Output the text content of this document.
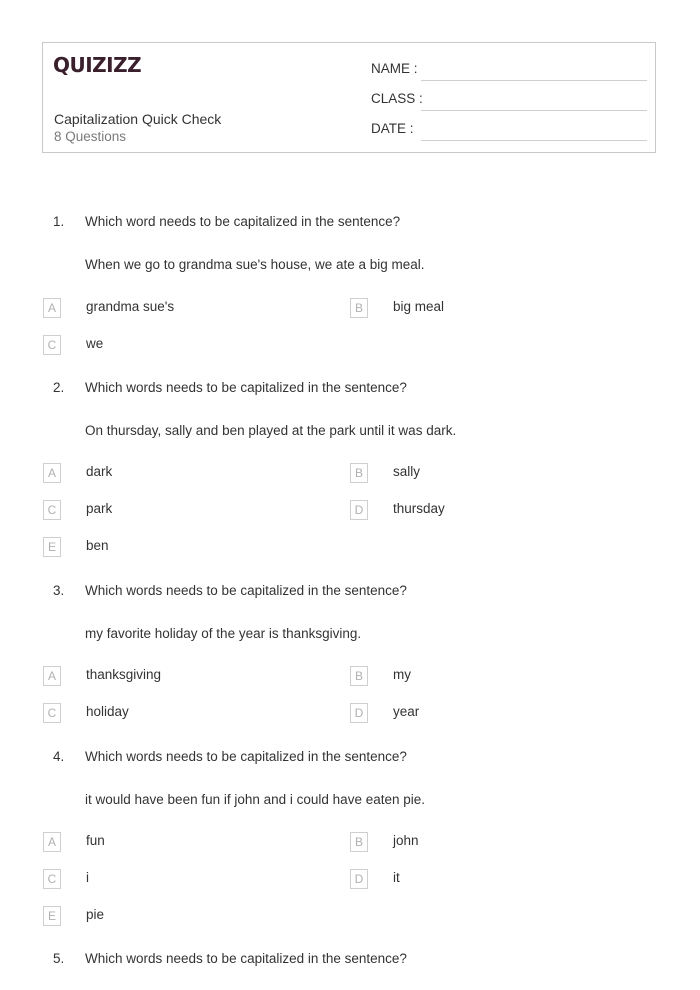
QUIZIZZ
Capitalization Quick Check
8 Questions
NAME :
CLASS :
DATE :
1. Which word needs to be capitalized in the sentence?
When we go to grandma sue's house, we ate a big meal.
A	grandma sue's	B	big meal
C	we
2. Which words needs to be capitalized in the sentence?
On thursday, sally and ben played at the park until it was dark.
A	dark	B	sally
C	park	D	thursday
E	ben
3. Which words needs to be capitalized in the sentence?
my favorite holiday of the year is thanksgiving.
A	thanksgiving	B	my
C	holiday	D	year
4. Which words needs to be capitalized in the sentence?
it would have been fun if john and i could have eaten pie.
A	fun	B	john
C	i	D	it
E	pie
5. Which words needs to be capitalized in the sentence?
